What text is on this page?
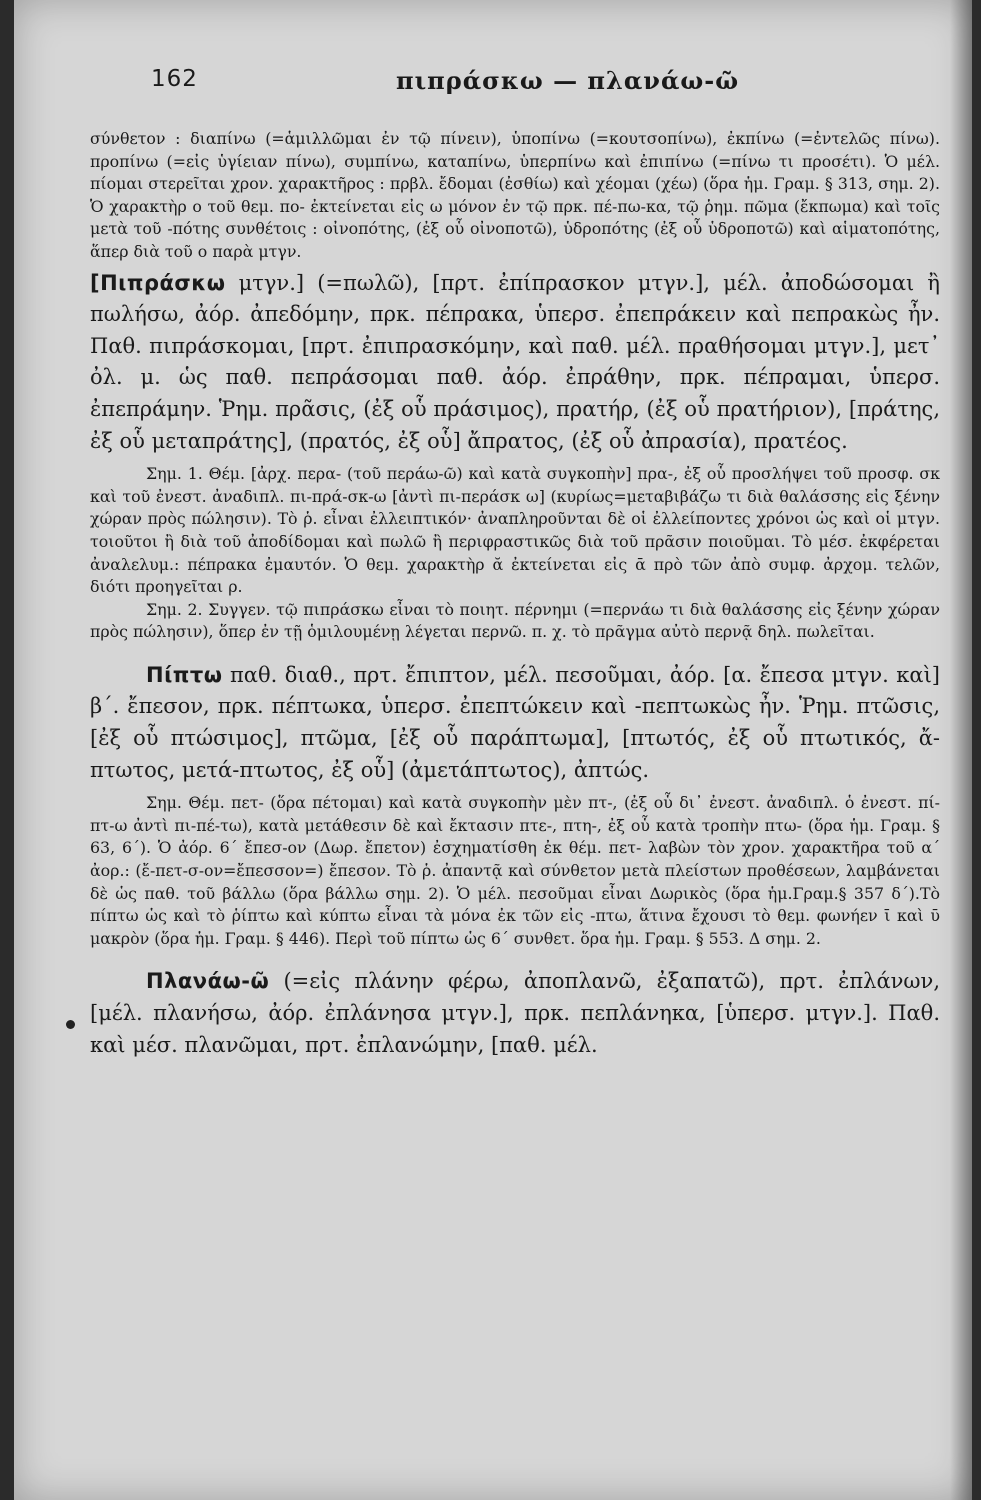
162	πιπράσκω — πλανάω-ῶ

σύνθετον : διαπίνω (=ἁμιλλῶμαι ἐν τῷ πίνειν), ὑποπίνω (=κουτσοπίνω), ἐκπίνω (=ἐντελῶς πίνω). προπίνω (=εἰς ὑγίειαν πίνω), συμπίνω, καταπίνω, ὑπερπίνω καὶ ἐπιπίνω (=πίνω τι προσέτι). Ὁ μέλ. πίομαι στερεῖται χρον. χαρακτῆρος : πρβλ. ἔδομαι (ἐσθίω) καὶ χέομαι (χέω) (ὅρα ἡμ. Γραμ. § 313, σημ. 2). Ὁ χαρακτὴρ ο τοῦ θεμ. πο- ἐκτείνεται εἰς ω μόνον ἐν τῷ πρκ. πέ-πω-κα, τῷ ῥημ. πῶμα (ἔκπωμα) καὶ τοῖς μετὰ τοῦ -πότης συνθέτοις : οἰνοπότης, (ἐξ οὗ οἰνοποτῶ), ὑδροπότης (ἐξ οὗ ὑδροποτῶ) καὶ αἱματοπότης, ἅπερ διὰ τοῦ ο παρὰ μτγν.

[Πιπράσκω μτγν.] (=πωλῶ), [πρτ. ἐπίπρασκον μτγν.], μέλ. ἀποδώσομαι ἢ πωλήσω, ἀόρ. ἀπεδόμην, πρκ. πέπρακα, ὑπερσ. ἐπεπράκειν καὶ πεπρακὼς ἦν. Παθ. πιπράσκομαι, [πρτ. ἐπιπρασκόμην, καὶ παθ. μέλ. πραθήσομαι μτγν.], μετ᾽ ὀλ. μ. ὡς παθ. πεπράσομαι παθ. ἀόρ. ἐπράθην, πρκ. πέπραμαι, ὑπερσ. ἐπεπράμην. Ῥημ. πρᾶσις, (ἐξ οὗ πράσιμος), πρατήρ, (ἐξ οὗ πρατήριον), [πράτης, ἐξ οὗ μεταπράτης], (πρατός, ἐξ οὗ] ἄπρατος, (ἐξ οὗ ἀπρασία), πρατέος.

Σημ. 1. Θέμ. [ἀρχ. περα- (τοῦ περάω-ῶ) καὶ κατὰ συγκοπὴν] πρα-, ἐξ οὗ προσλήψει τοῦ προσφ. σκ καὶ τοῦ ἐνεστ. ἀναδιπλ. πι-πρά-σκ-ω [ἀντὶ πι-περάσκ ω] (κυρίως=μεταβιβάζω τι διὰ θαλάσσης εἰς ξένην χώραν πρὸς πώλησιν). Τὸ ῥ. εἶναι ἐλλειπτικόν· ἀναπληροῦνται δὲ οἱ ἐλλείποντες χρόνοι ὡς καὶ οἱ μτγν. τοιοῦτοι ἢ διὰ τοῦ ἀποδίδομαι καὶ πωλῶ ἢ περιφραστικῶς διὰ τοῦ πρᾶσιν ποιοῦμαι. Τὸ μέσ. ἐκφέρεται ἀναλελυμ.: πέπρακα ἐμαυτόν. Ὁ θεμ. χαρακτὴρ ᾰ ἐκτείνεται εἰς ᾱ πρὸ τῶν ἀπὸ συμφ. ἀρχομ. τελῶν, διότι προηγεῖται ρ.

Σημ. 2. Συγγεν. τῷ πιπράσκω εἶναι τὸ ποιητ. πέρνημι (=περνάω τι διὰ θαλάσσης εἰς ξένην χώραν πρὸς πώλησιν), ὅπερ ἐν τῇ ὁμιλουμένῃ λέγεται περνῶ. π. χ. τὸ πρᾶγμα αὐτὸ περνᾷ δηλ. πωλεῖται.

Πίπτω παθ. διαθ., πρτ. ἔπιπτον, μέλ. πεσοῦμαι, ἀόρ. [α. ἔπεσα μτγν. καὶ] β΄. ἔπεσον, πρκ. πέπτωκα, ὑπερσ. ἐπεπτώκειν καὶ -πεπτωκὼς ἦν. Ῥημ. πτῶσις, [ἐξ οὗ πτώσιμος], πτῶμα, [ἐξ οὗ παράπτωμα], [πτωτός, ἐξ οὗ πτωτικός, ἄ-πτωτος, μετά-πτωτος, ἐξ οὗ] (ἀμετάπτωτος), ἀπτώς.

Σημ. Θέμ. πετ- (ὅρα πέτομαι) καὶ κατὰ συγκοπὴν μὲν πτ-, (ἐξ οὗ δι᾽ ἐνεστ. ἀναδιπλ. ὁ ἐνεστ. πί-πτ-ω ἀντὶ πι-πέ-τω), κατὰ μετάθεσιν δὲ καὶ ἔκτασιν πτε-, πτη-, ἐξ οὗ κατὰ τροπὴν πτω- (ὅρα ἡμ. Γραμ. § 63, 6΄). Ὁ ἀόρ. 6΄ ἔπεσ-ον (Δωρ. ἔπετον) ἐσχηματίσθη ἐκ θέμ. πετ- λαβὼν τὸν χρον. χαρακτῆρα τοῦ α΄ ἀορ.: (ἔ-πετ-σ-ον=ἔπεσσον=) ἔπεσον. Τὸ ῥ. ἀπαντᾷ καὶ σύνθετον μετὰ πλείστων προθέσεων, λαμβάνεται δὲ ὡς παθ. τοῦ βάλλω (ὅρα βάλλω σημ. 2). Ὁ μέλ. πεσοῦμαι εἶναι Δωρικὸς (ὅρα ἡμ.Γραμ.§ 357 δ΄).Τὸ πίπτω ὡς καὶ τὸ ῥίπτω καὶ κύπτω εἶναι τὰ μόνα ἐκ τῶν εἰς -πτω, ἅτινα ἔχουσι τὸ θεμ. φωνήεν ῑ καὶ ῡ μακρὸν (ὅρα ἡμ. Γραμ. § 446). Περὶ τοῦ πίπτω ὡς 6΄ συνθετ. ὅρα ἡμ. Γραμ. § 553. Δ σημ. 2.

Πλανάω-ῶ (=εἰς πλάνην φέρω, ἀποπλανῶ, ἐξαπατῶ), πρτ. ἐπλάνων, [μέλ. πλανήσω, ἀόρ. ἐπλάνησα μτγν.], πρκ. πεπλάνηκα, [ὑπερσ. μτγν.]. Παθ. καὶ μέσ. πλανῶμαι, πρτ. ἐπλανώμην, [παθ. μέλ.
